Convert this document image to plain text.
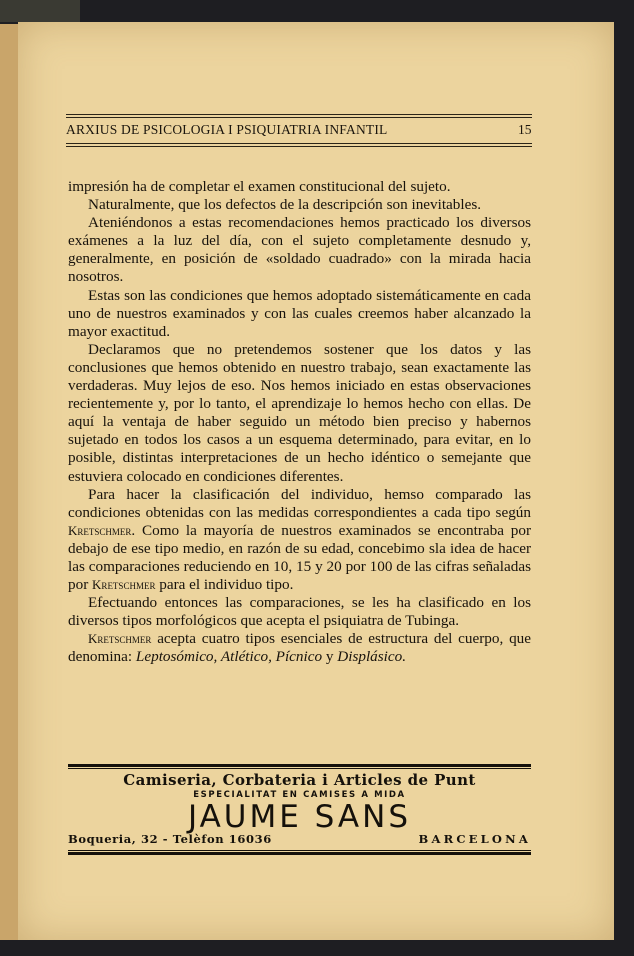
ARXIUS DE PSICOLOGIA I PSIQUIATRIA INFANTIL	15

impresión ha de completar el examen constitucional del sujeto.

Naturalmente, que los defectos de la descripción son inevitables.

Ateniéndonos a estas recomendaciones hemos practicado los diversos exámenes a la luz del día, con el sujeto completamente desnudo y, generalmente, en posición de «soldado cuadrado» con la mirada hacia nosotros.

Estas son las condiciones que hemos adoptado sistemáticamente en cada uno de nuestros examinados y con las cuales creemos haber alcanzado la mayor exactitud.

Declaramos que no pretendemos sostener que los datos y las conclusiones que hemos obtenido en nuestro trabajo, sean exactamente las verdaderas. Muy lejos de eso. Nos hemos iniciado en estas observaciones recientemente y, por lo tanto, el aprendizaje lo hemos hecho con ellas. De aquí la ventaja de haber seguido un método bien preciso y habernos sujetado en todos los casos a un esquema determinado, para evitar, en lo posible, distintas interpretaciones de un hecho idéntico o semejante que estuviera colocado en condiciones diferentes.

Para hacer la clasificación del individuo, hemso comparado las condiciones obtenidas con las medidas correspondientes a cada tipo según Kretschmer. Como la mayoría de nuestros examinados se encontraba por debajo de ese tipo medio, en razón de su edad, concebimo sla idea de hacer las comparaciones reduciendo en 10, 15 y 20 por 100 de las cifras señaladas por Kretschmer para el individuo tipo.

Efectuando entonces las comparaciones, se les ha clasificado en los diversos tipos morfológicos que acepta el psiquiatra de Tubinga.

Kretschmer acepta cuatro tipos esenciales de estructura del cuerpo, que denomina: Leptosómico, Atlético, Pícnico y Displásico.

Camiseria, Corbateria i Articles de Punt
ESPECIALITAT EN CAMISES A MIDA
JAUME SANS
Boqueria, 32 - Telèfon 16036	BARCELONA
